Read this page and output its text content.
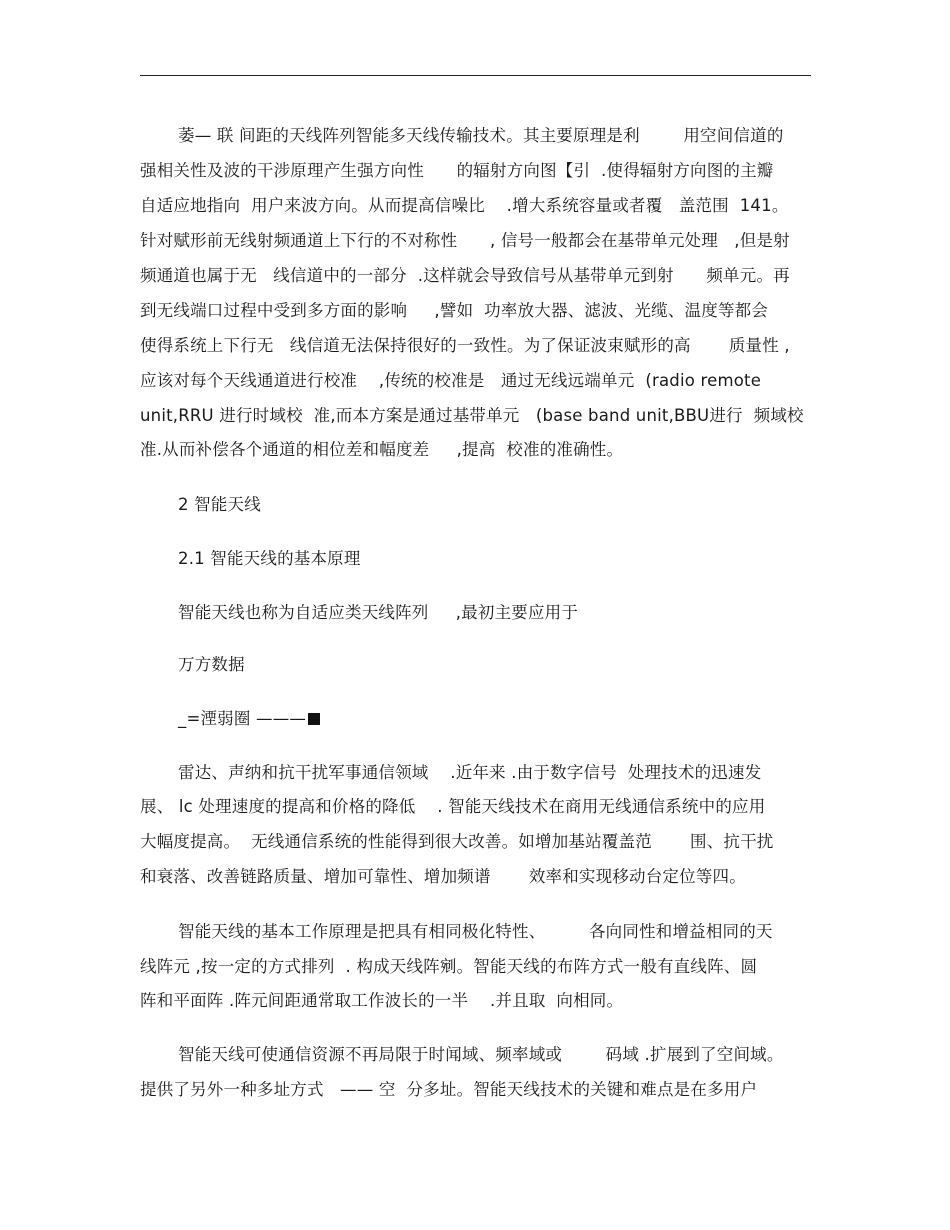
萎— 联 间距的天线阵列智能多天线传输技术。其主要原理是利        用空间信道的
强相关性及波的干涉原理产生强方向性      的辐射方向图【引  .使得辐射方向图的主瓣
自适应地指向  用户来波方向。从而提高信噪比    .增大系统容量或者覆   盖范围  141。
针对赋形前无线射频通道上下行的不对称性      , 信号一般都会在基带单元处理   ,但是射
频通道也属于无   线信道中的一部分  .这样就会导致信号从基带单元到射      频单元。再
到无线端口过程中受到多方面的影响     ,譬如  功率放大器、滤波、光缆、温度等都会
使得系统上下行无   线信道无法保持很好的一致性。为了保证波束赋形的高       质量性 ,
应该对每个天线通道进行校准    ,传统的校准是   通过无线远端单元  (radio remote
unit,RRU 进行时域校  准,而本方案是通过基带单元   (base band unit,BBU进行  频域校
准.从而补偿各个通道的相位差和幅度差     ,提高  校准的准确性。
2 智能天线
2.1 智能天线的基本原理
智能天线也称为自适应类天线阵列     ,最初主要应用于
万方数据
_=湮弱圈 ———
雷达、声纳和抗干扰军事通信领域    .近年来 .由于数字信号  处理技术的迅速发
展、 lc 处理速度的提高和价格的降低    . 智能天线技术在商用无线通信系统中的应用
大幅度提高。  无线通信系统的性能得到很大改善。如增加基站覆盖范       围、抗干扰
和衰落、改善链路质量、增加可靠性、增加频谱       效率和实现移动台定位等四。
智能天线的基本工作原理是把具有相同极化特性、        各向同性和增益相同的天
线阵元 ,按一定的方式排列  . 构成天线阵剜。智能天线的布阵方式一般有直线阵、圆
阵和平面阵 .阵元间距通常取工作波长的一半    .并且取  向相同。
智能天线可使通信资源不再局限于时闻域、频率域或        码域 .扩展到了空间域。
提供了另外一种多址方式   —— 空  分多址。智能天线技术的关键和难点是在多用户
